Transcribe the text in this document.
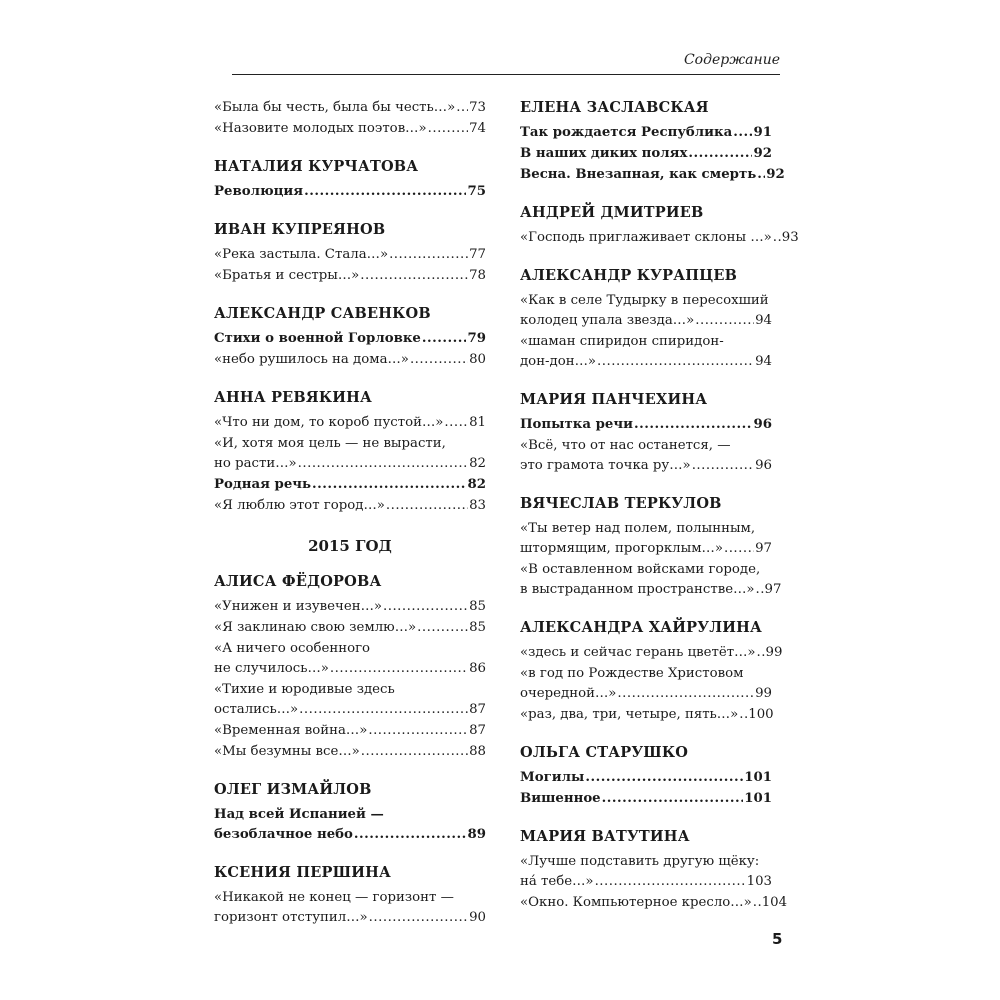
Содержание
«Была бы честь, была бы честь…» ..... 73
«Назовите молодых поэтов…» .....	74
НАТАЛИЯ КУРЧАТОВА
Революция .....	75
ИВАН КУПРЕЯНОВ
«Река застыла. Стала…» .....	77
«Братья и сестры…» .....	78
АЛЕКСАНДР САВЕНКОВ
Стихи о военной Горловке .....	79
«небо рушилось на дома…» .....	80
АННА РЕВЯКИНА
«Что ни дом, то короб пустой…» ..... 81
«И, хотя моя цель — не вырасти,
но расти…» .....	82
Родная речь .....	82
«Я люблю этот город…» .....	83
2015 ГОД
АЛИСА ФЁДОРОВА
«Унижен и изувечен…» .....	85
«Я заклинаю свою землю…» .....	85
«А ничего особенного
не случилось…» .....	86
«Тихие и юродивые здесь
остались…» .....	87
«Временная война…» .....	87
«Мы безумны все…» .....	88
ОЛЕГ ИЗМАЙЛОВ
Над всей Испанией —
безоблачное небо .....	89
КСЕНИЯ ПЕРШИНА
«Никакой не конец — горизонт —
горизонт отступил…» .....	90
ЕЛЕНА ЗАСЛАВСКАЯ
Так рождается Республика ..... 91
В наших диких полях .....	92
Весна. Внезапная, как смерть ..... 92
АНДРЕЙ ДМИТРИЕВ
«Господь приглаживает склоны …» ..... 93
АЛЕКСАНДР КУРАПЦЕВ
«Как в селе Тудырку в пересохший
колодец упала звезда…» .....	94
«шаман спиридон спиридон-
дон-дон…» .....	94
МАРИЯ ПАНЧЕХИНА
Попытка речи .....	96
«Всё, что от нас останется, —
это грамота точка ру…» .....	96
ВЯЧЕСЛАВ ТЕРКУЛОВ
«Ты ветер над полем, полынным,
штормящим, прогорклым…» ..... 97
«В оставленном войсками городе,
в выстраданном пространстве…» ..... 97
АЛЕКСАНДРА ХАЙРУЛИНА
«здесь и сейчас герань цветёт…» ..... 99
«в год по Рождестве Христовом
очередной…» .....	99
«раз, два, три, четыре, пять…» ..... 100
ОЛЬГА СТАРУШКО
Могилы .....	101
Вишенное .....	101
МАРИЯ ВАТУТИНА
«Лучше подставить другую щёку:
на́ тебе…» .....	103
«Окно. Компьютерное кресло…» ..... 104
5
